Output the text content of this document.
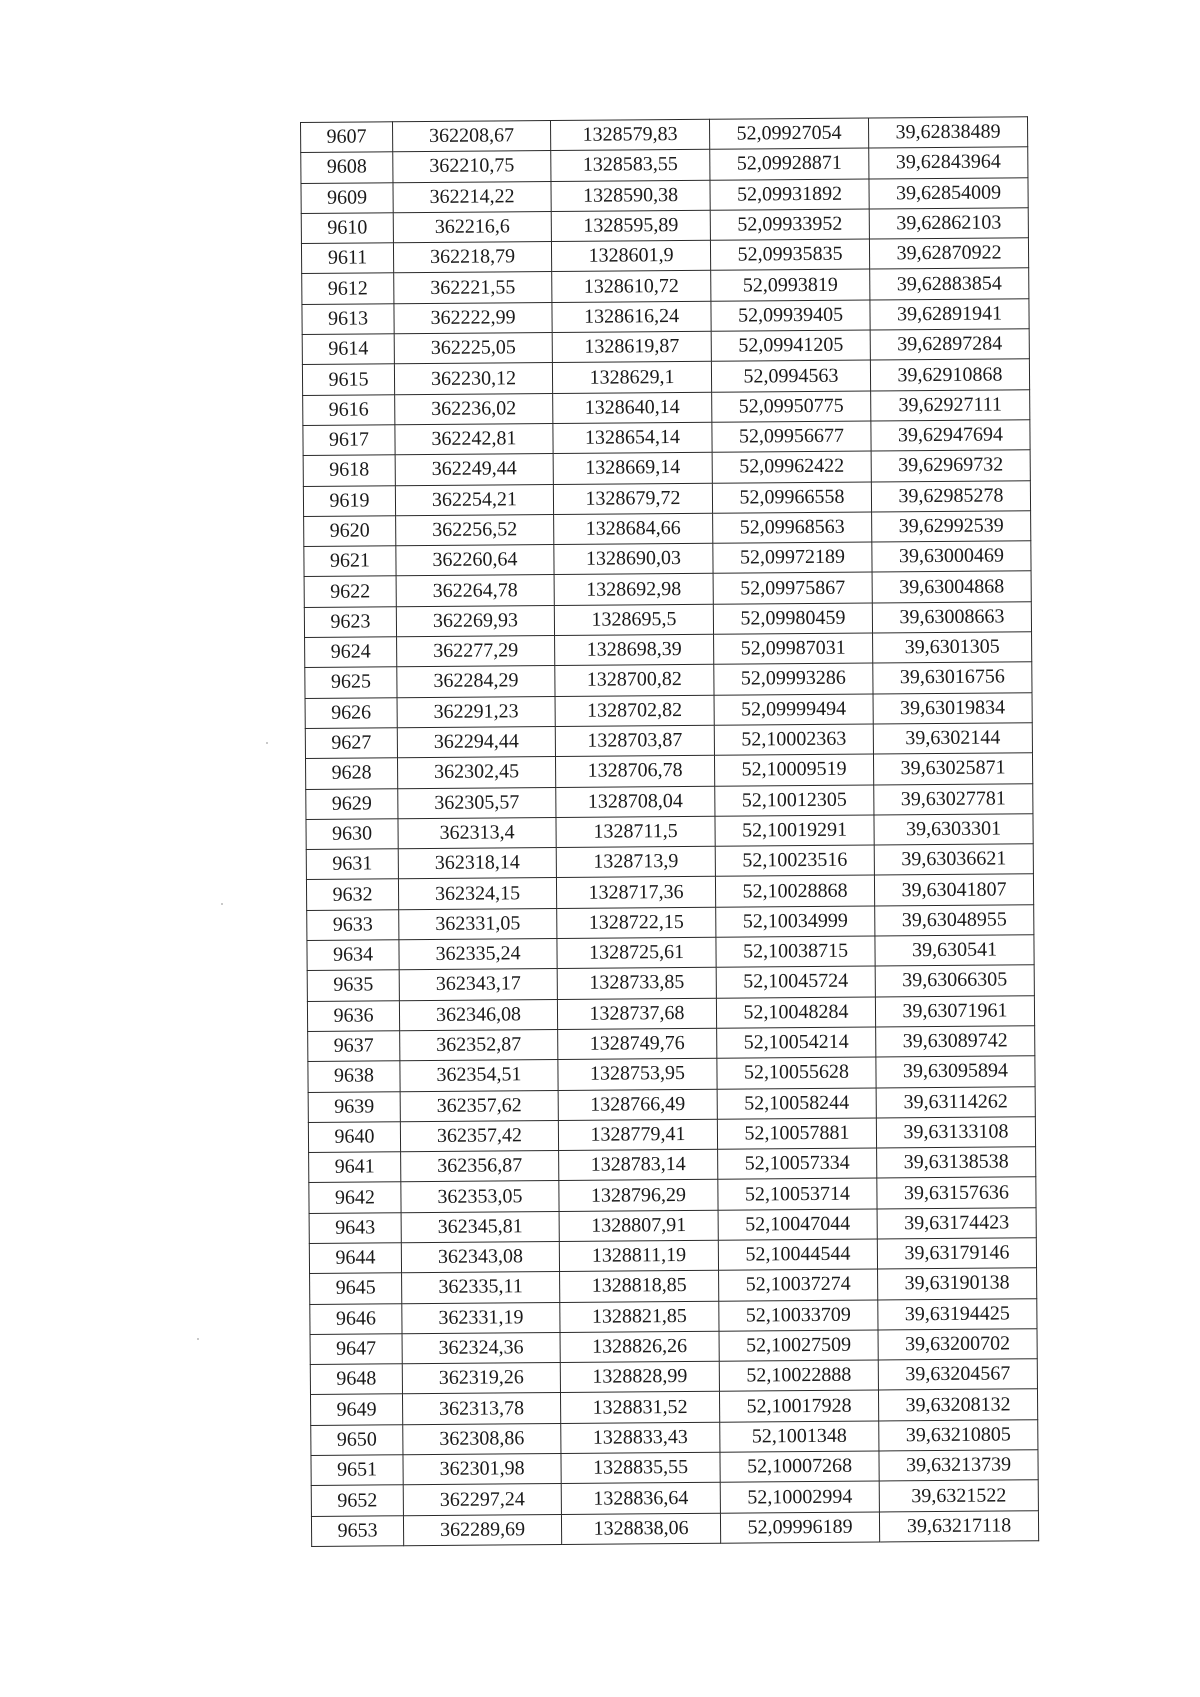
9607	362208,67	1328579,83	52,09927054	39,62838489
9608	362210,75	1328583,55	52,09928871	39,62843964
9609	362214,22	1328590,38	52,09931892	39,62854009
9610	362216,6	1328595,89	52,09933952	39,62862103
9611	362218,79	1328601,9	52,09935835	39,62870922
9612	362221,55	1328610,72	52,0993819	39,62883854
9613	362222,99	1328616,24	52,09939405	39,62891941
9614	362225,05	1328619,87	52,09941205	39,62897284
9615	362230,12	1328629,1	52,0994563	39,62910868
9616	362236,02	1328640,14	52,09950775	39,62927111
9617	362242,81	1328654,14	52,09956677	39,62947694
9618	362249,44	1328669,14	52,09962422	39,62969732
9619	362254,21	1328679,72	52,09966558	39,62985278
9620	362256,52	1328684,66	52,09968563	39,62992539
9621	362260,64	1328690,03	52,09972189	39,63000469
9622	362264,78	1328692,98	52,09975867	39,63004868
9623	362269,93	1328695,5	52,09980459	39,63008663
9624	362277,29	1328698,39	52,09987031	39,6301305
9625	362284,29	1328700,82	52,09993286	39,63016756
9626	362291,23	1328702,82	52,09999494	39,63019834
9627	362294,44	1328703,87	52,10002363	39,6302144
9628	362302,45	1328706,78	52,10009519	39,63025871
9629	362305,57	1328708,04	52,10012305	39,63027781
9630	362313,4	1328711,5	52,10019291	39,6303301
9631	362318,14	1328713,9	52,10023516	39,63036621
9632	362324,15	1328717,36	52,10028868	39,63041807
9633	362331,05	1328722,15	52,10034999	39,63048955
9634	362335,24	1328725,61	52,10038715	39,630541
9635	362343,17	1328733,85	52,10045724	39,63066305
9636	362346,08	1328737,68	52,10048284	39,63071961
9637	362352,87	1328749,76	52,10054214	39,63089742
9638	362354,51	1328753,95	52,10055628	39,63095894
9639	362357,62	1328766,49	52,10058244	39,63114262
9640	362357,42	1328779,41	52,10057881	39,63133108
9641	362356,87	1328783,14	52,10057334	39,63138538
9642	362353,05	1328796,29	52,10053714	39,63157636
9643	362345,81	1328807,91	52,10047044	39,63174423
9644	362343,08	1328811,19	52,10044544	39,63179146
9645	362335,11	1328818,85	52,10037274	39,63190138
9646	362331,19	1328821,85	52,10033709	39,63194425
9647	362324,36	1328826,26	52,10027509	39,63200702
9648	362319,26	1328828,99	52,10022888	39,63204567
9649	362313,78	1328831,52	52,10017928	39,63208132
9650	362308,86	1328833,43	52,1001348	39,63210805
9651	362301,98	1328835,55	52,10007268	39,63213739
9652	362297,24	1328836,64	52,10002994	39,6321522
9653	362289,69	1328838,06	52,09996189	39,63217118
